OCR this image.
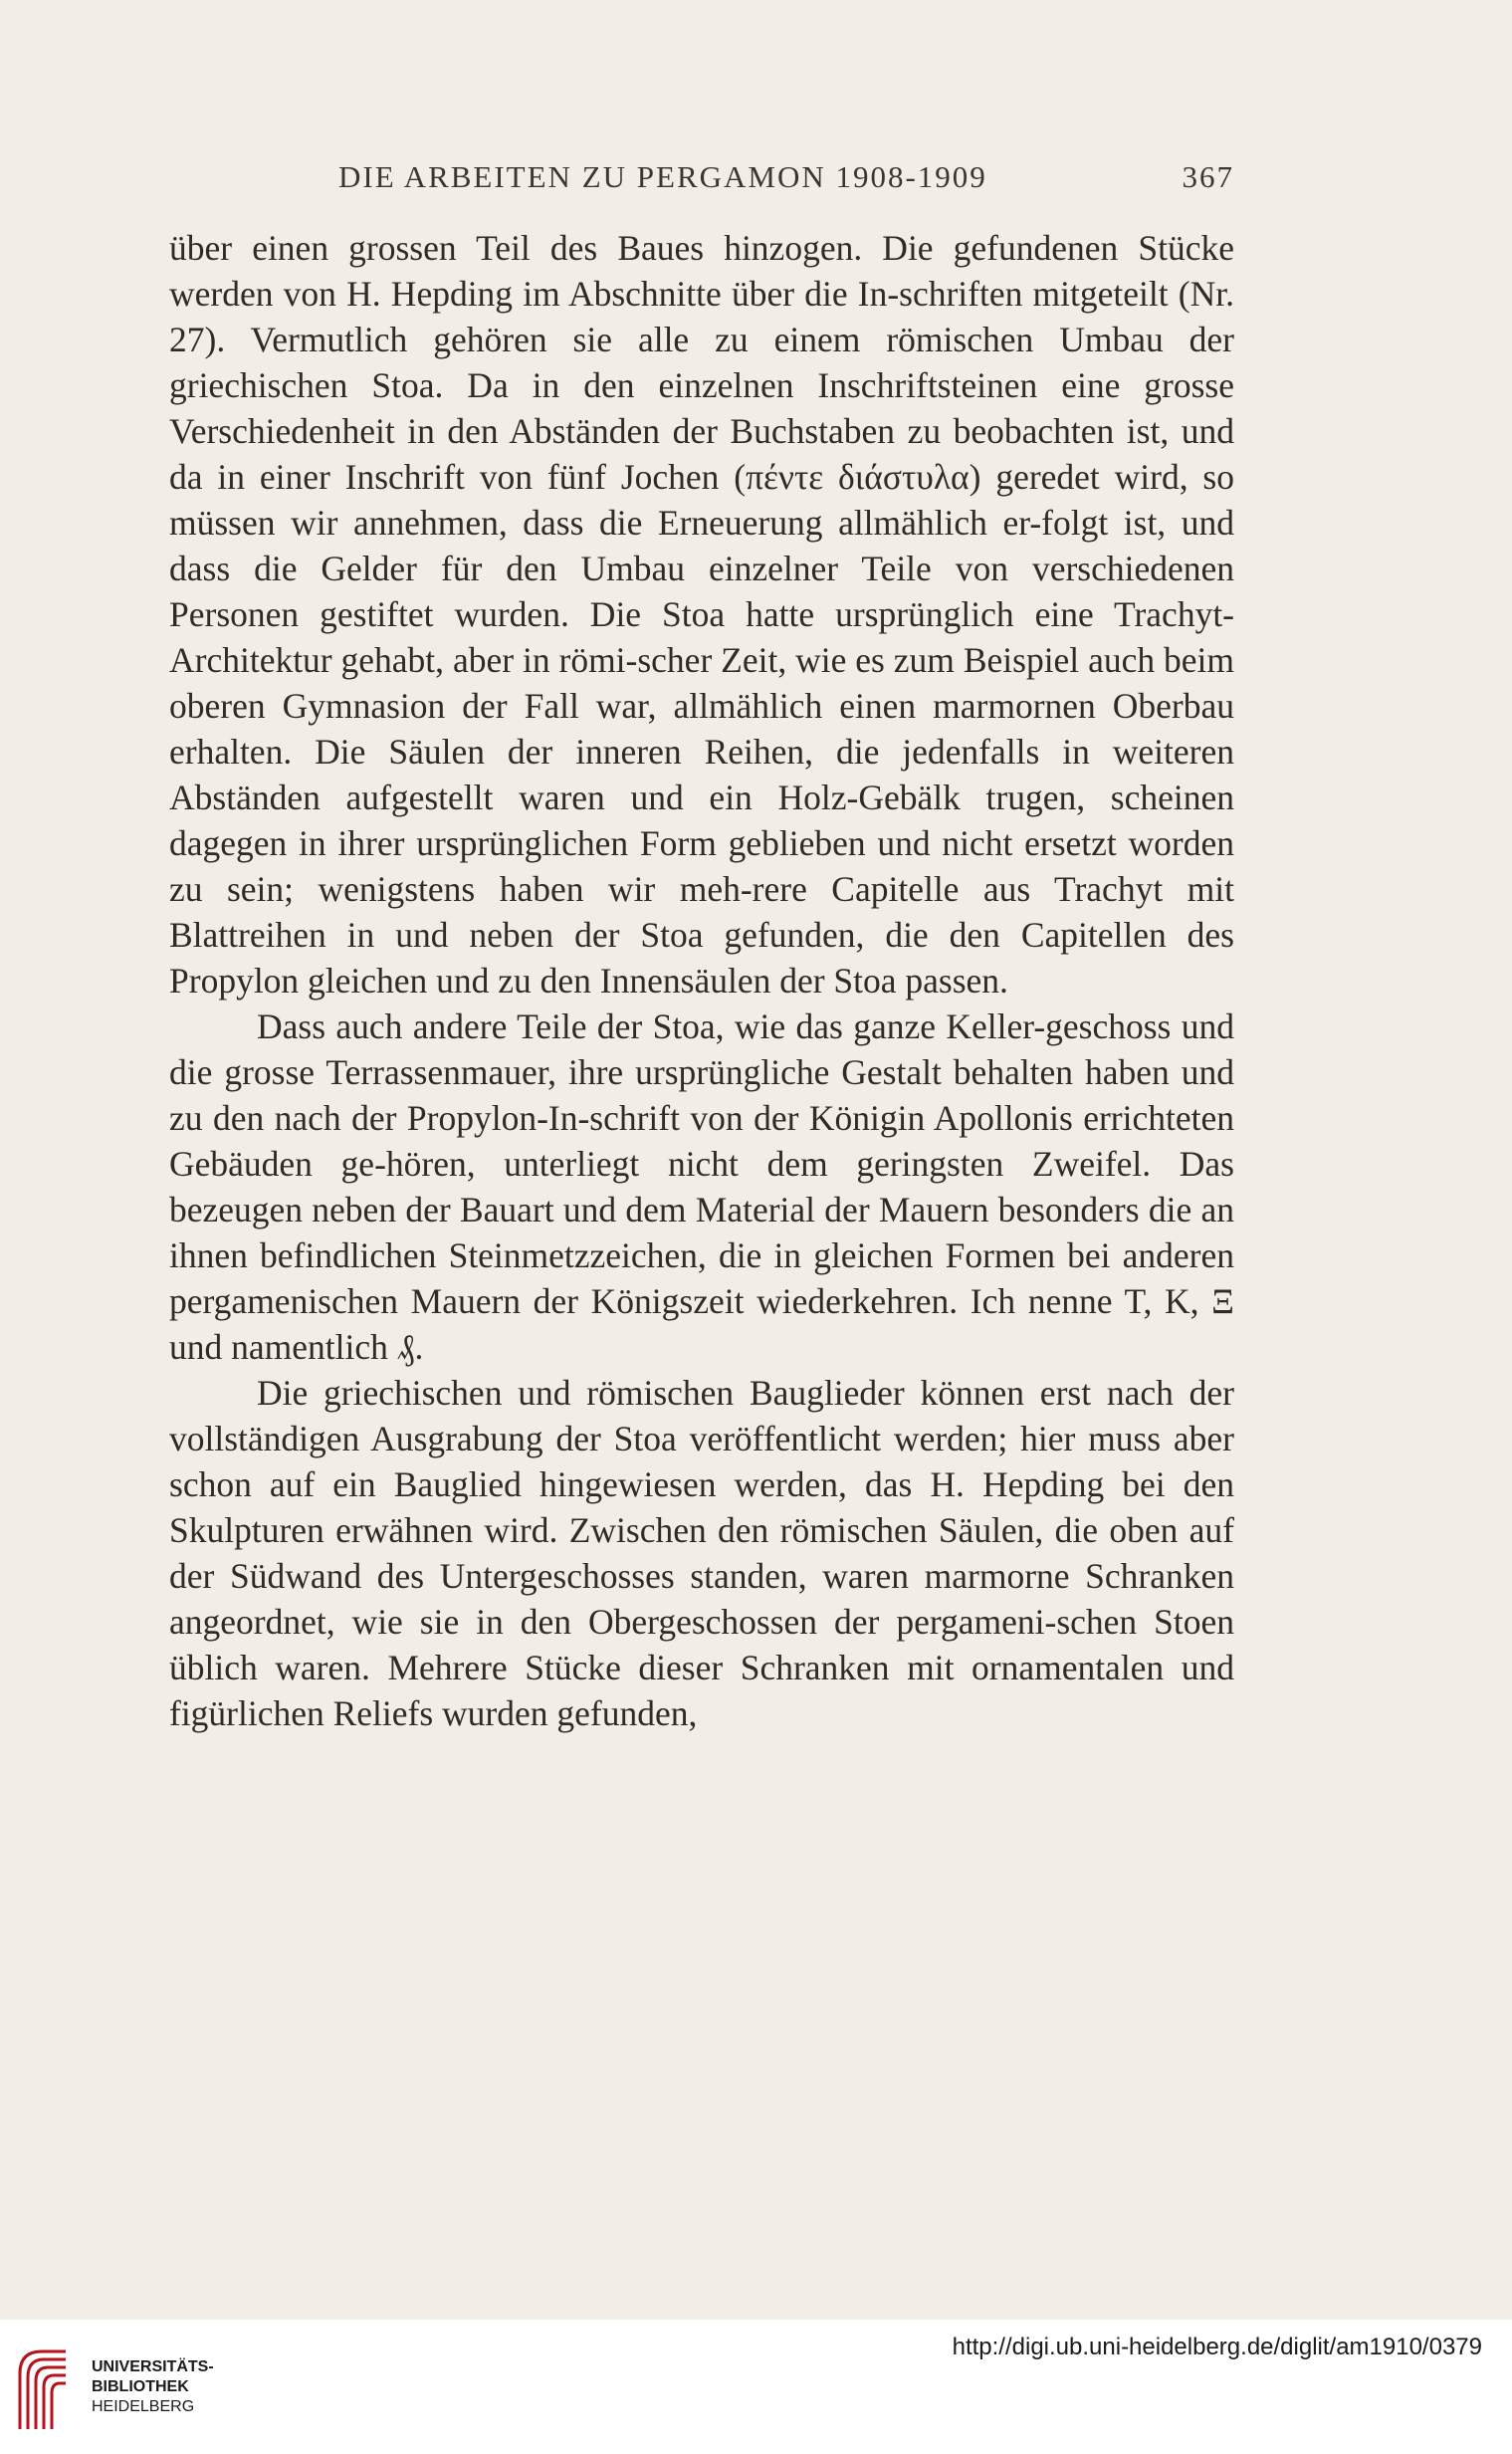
DIE ARBEITEN ZU PERGAMON 1908-1909	367

über einen grossen Teil des Baues hinzogen. Die gefundenen Stücke werden von H. Hepding im Abschnitte über die In-schriften mitgeteilt (Nr. 27). Vermutlich gehören sie alle zu einem römischen Umbau der griechischen Stoa. Da in den einzelnen Inschriftsteinen eine grosse Verschiedenheit in den Abständen der Buchstaben zu beobachten ist, und da in einer Inschrift von fünf Jochen (πέντε διάστυλα) geredet wird, so müssen wir annehmen, dass die Erneuerung allmählich er-folgt ist, und dass die Gelder für den Umbau einzelner Teile von verschiedenen Personen gestiftet wurden. Die Stoa hatte ursprünglich eine Trachyt-Architektur gehabt, aber in römi-scher Zeit, wie es zum Beispiel auch beim oberen Gymnasion der Fall war, allmählich einen marmornen Oberbau erhalten. Die Säulen der inneren Reihen, die jedenfalls in weiteren Abständen aufgestellt waren und ein Holz-Gebälk trugen, scheinen dagegen in ihrer ursprünglichen Form geblieben und nicht ersetzt worden zu sein; wenigstens haben wir meh-rere Capitelle aus Trachyt mit Blattreihen in und neben der Stoa gefunden, die den Capitellen des Propylon gleichen und zu den Innensäulen der Stoa passen.

Dass auch andere Teile der Stoa, wie das ganze Keller-geschoss und die grosse Terrassenmauer, ihre ursprüngliche Gestalt behalten haben und zu den nach der Propylon-In-schrift von der Königin Apollonis errichteten Gebäuden ge-hören, unterliegt nicht dem geringsten Zweifel. Das bezeugen neben der Bauart und dem Material der Mauern besonders die an ihnen befindlichen Steinmetzzeichen, die in gleichen Formen bei anderen pergamenischen Mauern der Königszeit wiederkehren. Ich nenne T, K, Ξ und namentlich ₰.

Die griechischen und römischen Bauglieder können erst nach der vollständigen Ausgrabung der Stoa veröffentlicht werden; hier muss aber schon auf ein Bauglied hingewiesen werden, das H. Hepding bei den Skulpturen erwähnen wird. Zwischen den römischen Säulen, die oben auf der Südwand des Untergeschosses standen, waren marmorne Schranken angeordnet, wie sie in den Obergeschossen der pergameni-schen Stoen üblich waren. Mehrere Stücke dieser Schranken mit ornamentalen und figürlichen Reliefs wurden gefunden,

UNIVERSITÄTS-
BIBLIOTHEK
HEIDELBERG
http://digi.ub.uni-heidelberg.de/diglit/am1910/0379
